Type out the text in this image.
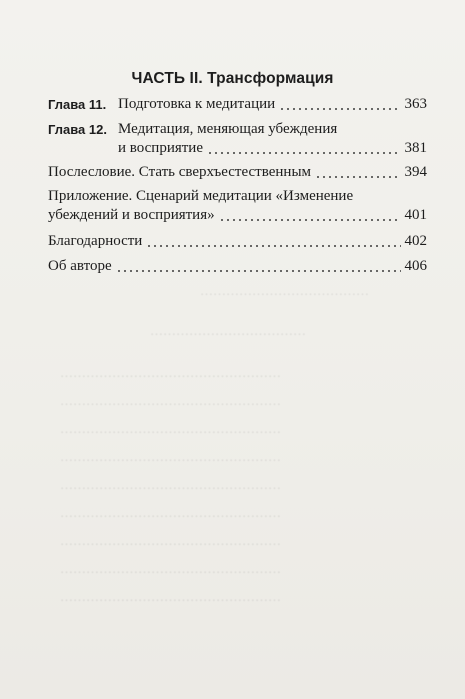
…………………………………
………………………………
……………………………………………
……………………………………………
……………………………………………
……………………………………………
……………………………………………
……………………………………………
……………………………………………
……………………………………………
……………………………………………
ЧАСТЬ II. Трансформация
Глава 11. Подготовка к медитации	363
Глава 12. Медитация, меняющая убеждения
и восприятие	381
Послесловие. Стать сверхъестественным	394
Приложение. Сценарий медитации «Изменение
убеждений и восприятия»	401
Благодарности	402
Об авторе	406
